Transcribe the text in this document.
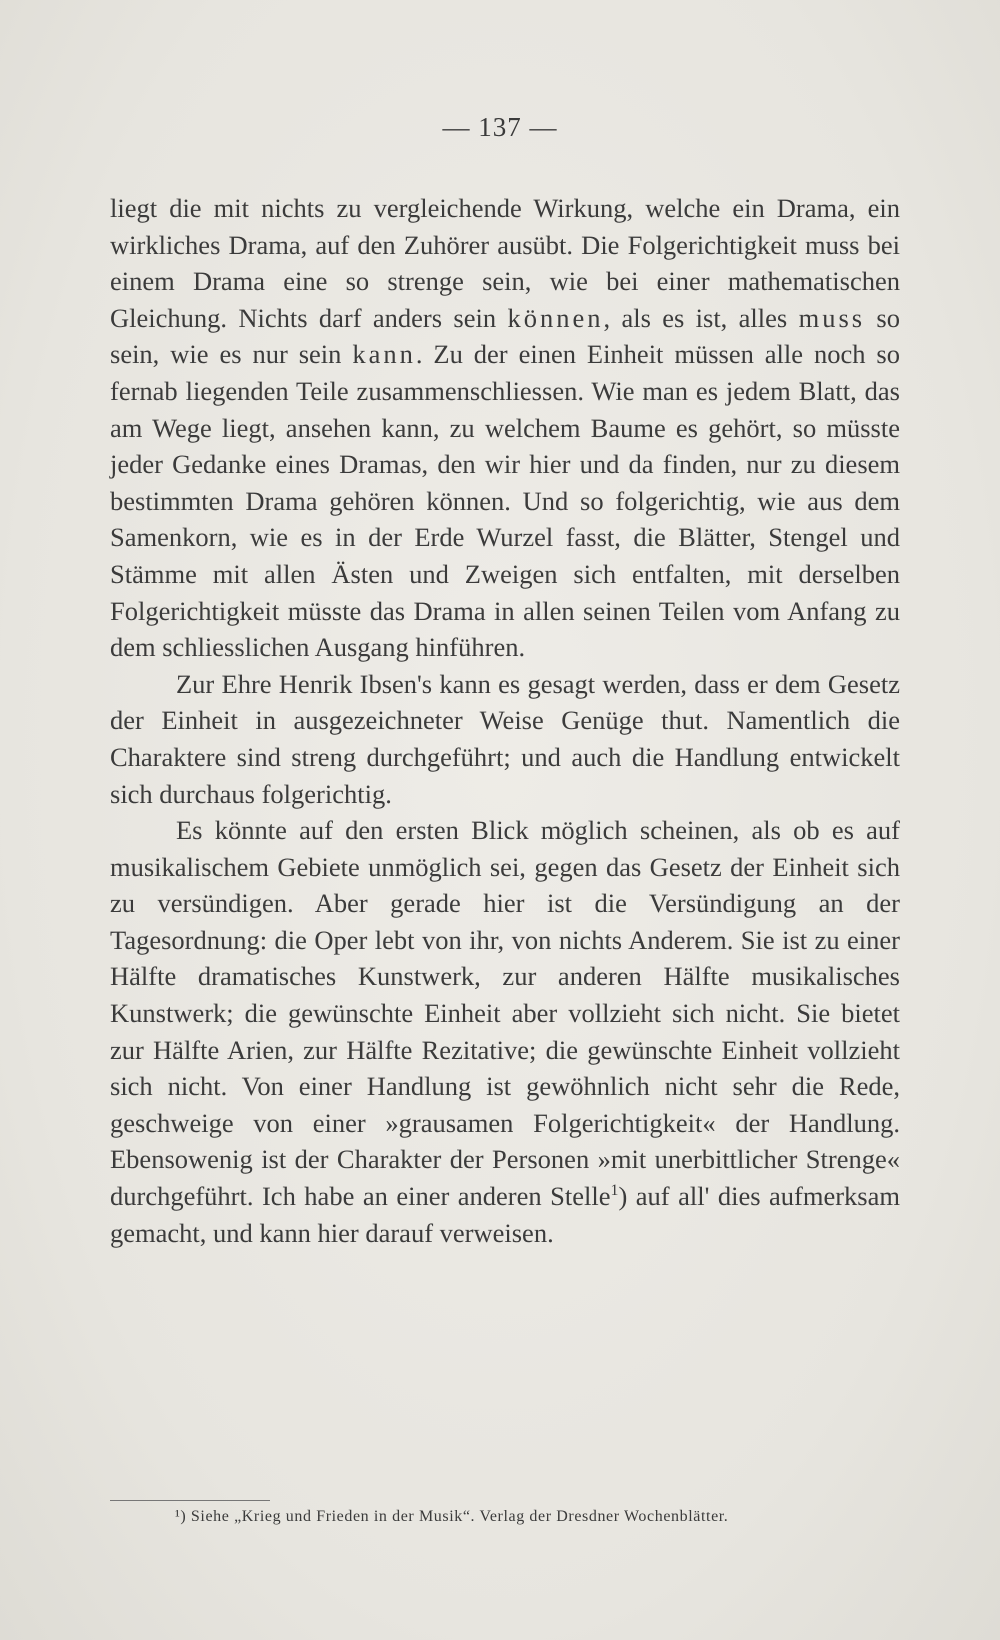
— 137 —

liegt die mit nichts zu vergleichende Wirkung, welche ein Drama, ein wirkliches Drama, auf den Zuhörer ausübt. Die Folgerichtigkeit muss bei einem Drama eine so strenge sein, wie bei einer mathematischen Gleichung. Nichts darf anders sein können, als es ist, alles muss so sein, wie es nur sein kann. Zu der einen Einheit müssen alle noch so fernab liegenden Teile zusammenschliessen. Wie man es jedem Blatt, das am Wege liegt, ansehen kann, zu welchem Baume es gehört, so müsste jeder Gedanke eines Dramas, den wir hier und da finden, nur zu diesem bestimmten Drama gehören können. Und so folgerichtig, wie aus dem Samenkorn, wie es in der Erde Wurzel fasst, die Blätter, Stengel und Stämme mit allen Ästen und Zweigen sich entfalten, mit derselben Folgerichtigkeit müsste das Drama in allen seinen Teilen vom Anfang zu dem schliesslichen Ausgang hinführen.

Zur Ehre Henrik Ibsen's kann es gesagt werden, dass er dem Gesetz der Einheit in ausgezeichneter Weise Genüge thut. Namentlich die Charaktere sind streng durchgeführt; und auch die Handlung entwickelt sich durchaus folgerichtig.

Es könnte auf den ersten Blick möglich scheinen, als ob es auf musikalischem Gebiete unmöglich sei, gegen das Gesetz der Einheit sich zu versündigen. Aber gerade hier ist die Versündigung an der Tagesordnung: die Oper lebt von ihr, von nichts Anderem. Sie ist zu einer Hälfte dramatisches Kunstwerk, zur anderen Hälfte musikalisches Kunstwerk; die gewünschte Einheit aber vollzieht sich nicht. Sie bietet zur Hälfte Arien, zur Hälfte Rezitative; die gewünschte Einheit vollzieht sich nicht. Von einer Handlung ist gewöhnlich nicht sehr die Rede, geschweige von einer »grausamen Folgerichtigkeit« der Handlung. Ebensowenig ist der Charakter der Personen »mit unerbittlicher Strenge« durchgeführt. Ich habe an einer anderen Stelle$^1$) auf all' dies aufmerksam gemacht, und kann hier darauf verweisen.

¹) Siehe „Krieg und Frieden in der Musik“. Verlag der Dresdner Wochenblätter.
